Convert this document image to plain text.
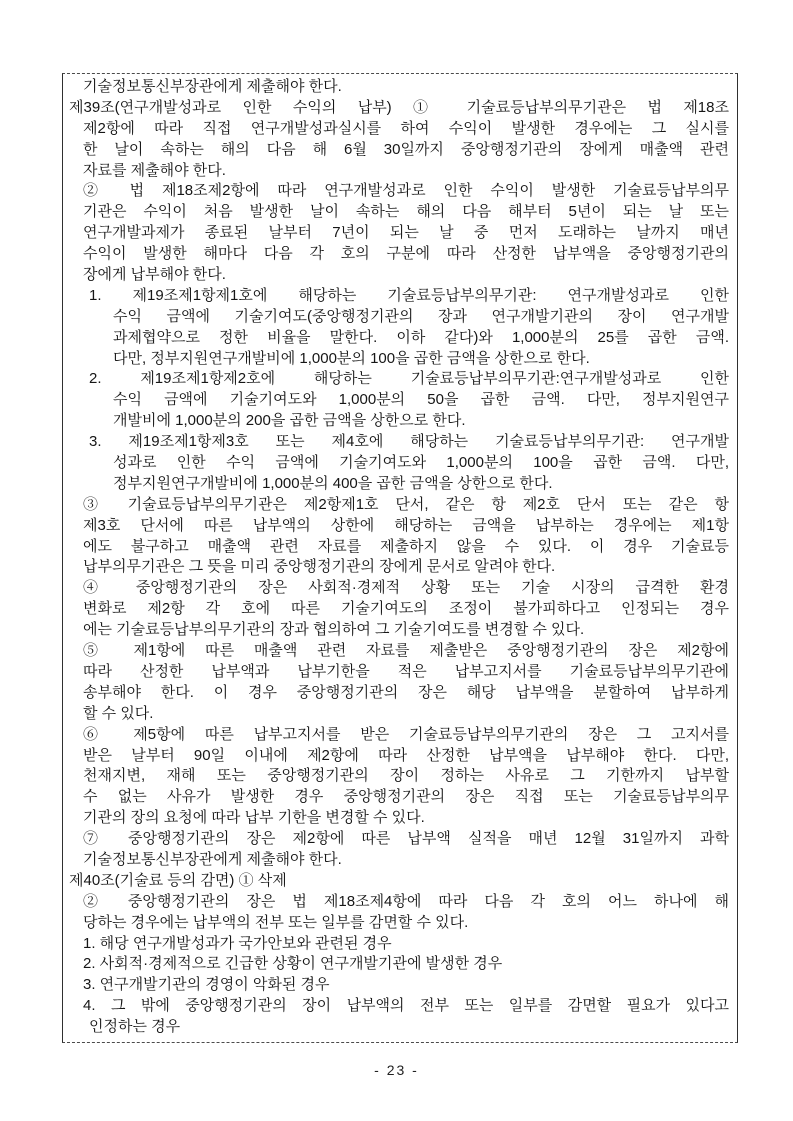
기술정보통신부장관에게 제출해야 한다.
제39조(연구개발성과로 인한 수익의 납부) ① 기술료등납부의무기관은 법 제18조
제2항에 따라 직접 연구개발성과실시를 하여 수익이 발생한 경우에는 그 실시를
한 날이 속하는 해의 다음 해 6월 30일까지 중앙행정기관의 장에게 매출액 관련
자료를 제출해야 한다.
② 법 제18조제2항에 따라 연구개발성과로 인한 수익이 발생한 기술료등납부의무
기관은 수익이 처음 발생한 날이 속하는 해의 다음 해부터 5년이 되는 날 또는
연구개발과제가 종료된 날부터 7년이 되는 날 중 먼저 도래하는 날까지 매년
수익이 발생한 해마다 다음 각 호의 구분에 따라 산정한 납부액을 중앙행정기관의
장에게 납부해야 한다.
1. 제19조제1항제1호에 해당하는 기술료등납부의무기관: 연구개발성과로 인한
수익 금액에 기술기여도(중앙행정기관의 장과 연구개발기관의 장이 연구개발
과제협약으로 정한 비율을 말한다. 이하 같다)와 1,000분의 25를 곱한 금액.
다만, 정부지원연구개발비에 1,000분의 100을 곱한 금액을 상한으로 한다.
2. 제19조제1항제2호에 해당하는 기술료등납부의무기관:연구개발성과로 인한
수익 금액에 기술기여도와 1,000분의 50을 곱한 금액. 다만, 정부지원연구
개발비에 1,000분의 200을 곱한 금액을 상한으로 한다.
3. 제19조제1항제3호 또는 제4호에 해당하는 기술료등납부의무기관: 연구개발
성과로 인한 수익 금액에 기술기여도와 1,000분의 100을 곱한 금액. 다만,
정부지원연구개발비에 1,000분의 400을 곱한 금액을 상한으로 한다.
③ 기술료등납부의무기관은 제2항제1호 단서, 같은 항 제2호 단서 또는 같은 항
제3호 단서에 따른 납부액의 상한에 해당하는 금액을 납부하는 경우에는 제1항
에도 불구하고 매출액 관련 자료를 제출하지 않을 수 있다. 이 경우 기술료등
납부의무기관은 그 뜻을 미리 중앙행정기관의 장에게 문서로 알려야 한다.
④ 중앙행정기관의 장은 사회적·경제적 상황 또는 기술 시장의 급격한 환경
변화로 제2항 각 호에 따른 기술기여도의 조정이 불가피하다고 인정되는 경우
에는 기술료등납부의무기관의 장과 협의하여 그 기술기여도를 변경할 수 있다.
⑤ 제1항에 따른 매출액 관련 자료를 제출받은 중앙행정기관의 장은 제2항에
따라 산정한 납부액과 납부기한을 적은 납부고지서를 기술료등납부의무기관에
송부해야 한다. 이 경우 중앙행정기관의 장은 해당 납부액을 분할하여 납부하게
할 수 있다.
⑥ 제5항에 따른 납부고지서를 받은 기술료등납부의무기관의 장은 그 고지서를
받은 날부터 90일 이내에 제2항에 따라 산정한 납부액을 납부해야 한다. 다만,
천재지변, 재해 또는 중앙행정기관의 장이 정하는 사유로 그 기한까지 납부할
수 없는 사유가 발생한 경우 중앙행정기관의 장은 직접 또는 기술료등납부의무
기관의 장의 요청에 따라 납부 기한을 변경할 수 있다.
⑦ 중앙행정기관의 장은 제2항에 따른 납부액 실적을 매년 12월 31일까지 과학
기술정보통신부장관에게 제출해야 한다.
제40조(기술료 등의 감면) ① 삭제
② 중앙행정기관의 장은 법 제18조제4항에 따라 다음 각 호의 어느 하나에 해
당하는 경우에는 납부액의 전부 또는 일부를 감면할 수 있다.
1. 해당 연구개발성과가 국가안보와 관련된 경우
2. 사회적·경제적으로 긴급한 상황이 연구개발기관에 발생한 경우
3. 연구개발기관의 경영이 악화된 경우
4. 그 밖에 중앙행정기관의 장이 납부액의 전부 또는 일부를 감면할 필요가 있다고
인정하는 경우
- 23 -
